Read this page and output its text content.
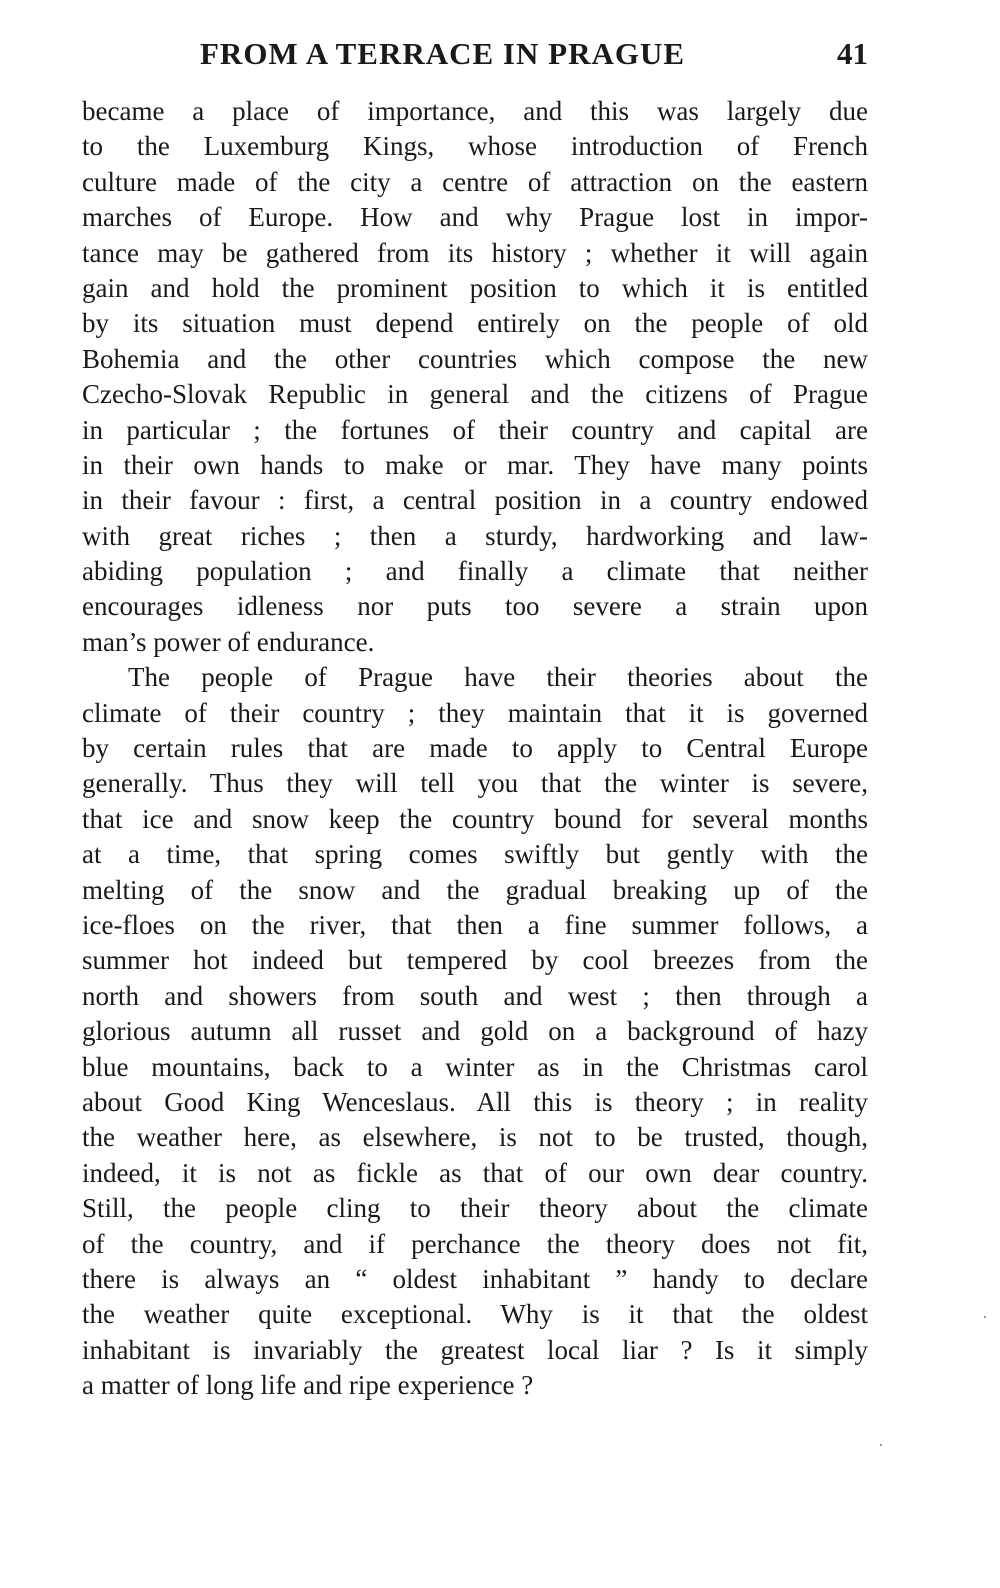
FROM A TERRACE IN PRAGUE	41
became a place of importance, and this was largely due
to the Luxemburg Kings, whose introduction of French
culture made of the city a centre of attraction on the eastern
marches of Europe. How and why Prague lost in impor-
tance may be gathered from its history ; whether it will again
gain and hold the prominent position to which it is entitled
by its situation must depend entirely on the people of old
Bohemia and the other countries which compose the new
Czecho-Slovak Republic in general and the citizens of Prague
in particular ; the fortunes of their country and capital are
in their own hands to make or mar. They have many points
in their favour : first, a central position in a country endowed
with great riches ; then a sturdy, hardworking and law-
abiding population ; and finally a climate that neither
encourages idleness nor puts too severe a strain upon
man’s power of endurance.
The people of Prague have their theories about the
climate of their country ; they maintain that it is governed
by certain rules that are made to apply to Central Europe
generally. Thus they will tell you that the winter is severe,
that ice and snow keep the country bound for several months
at a time, that spring comes swiftly but gently with the
melting of the snow and the gradual breaking up of the
ice-floes on the river, that then a fine summer follows, a
summer hot indeed but tempered by cool breezes from the
north and showers from south and west ; then through a
glorious autumn all russet and gold on a background of hazy
blue mountains, back to a winter as in the Christmas carol
about Good King Wenceslaus. All this is theory ; in reality
the weather here, as elsewhere, is not to be trusted, though,
indeed, it is not as fickle as that of our own dear country.
Still, the people cling to their theory about the climate
of the country, and if perchance the theory does not fit,
there is always an “ oldest inhabitant ” handy to declare
the weather quite exceptional. Why is it that the oldest
inhabitant is invariably the greatest local liar ? Is it simply
a matter of long life and ripe experience ?
